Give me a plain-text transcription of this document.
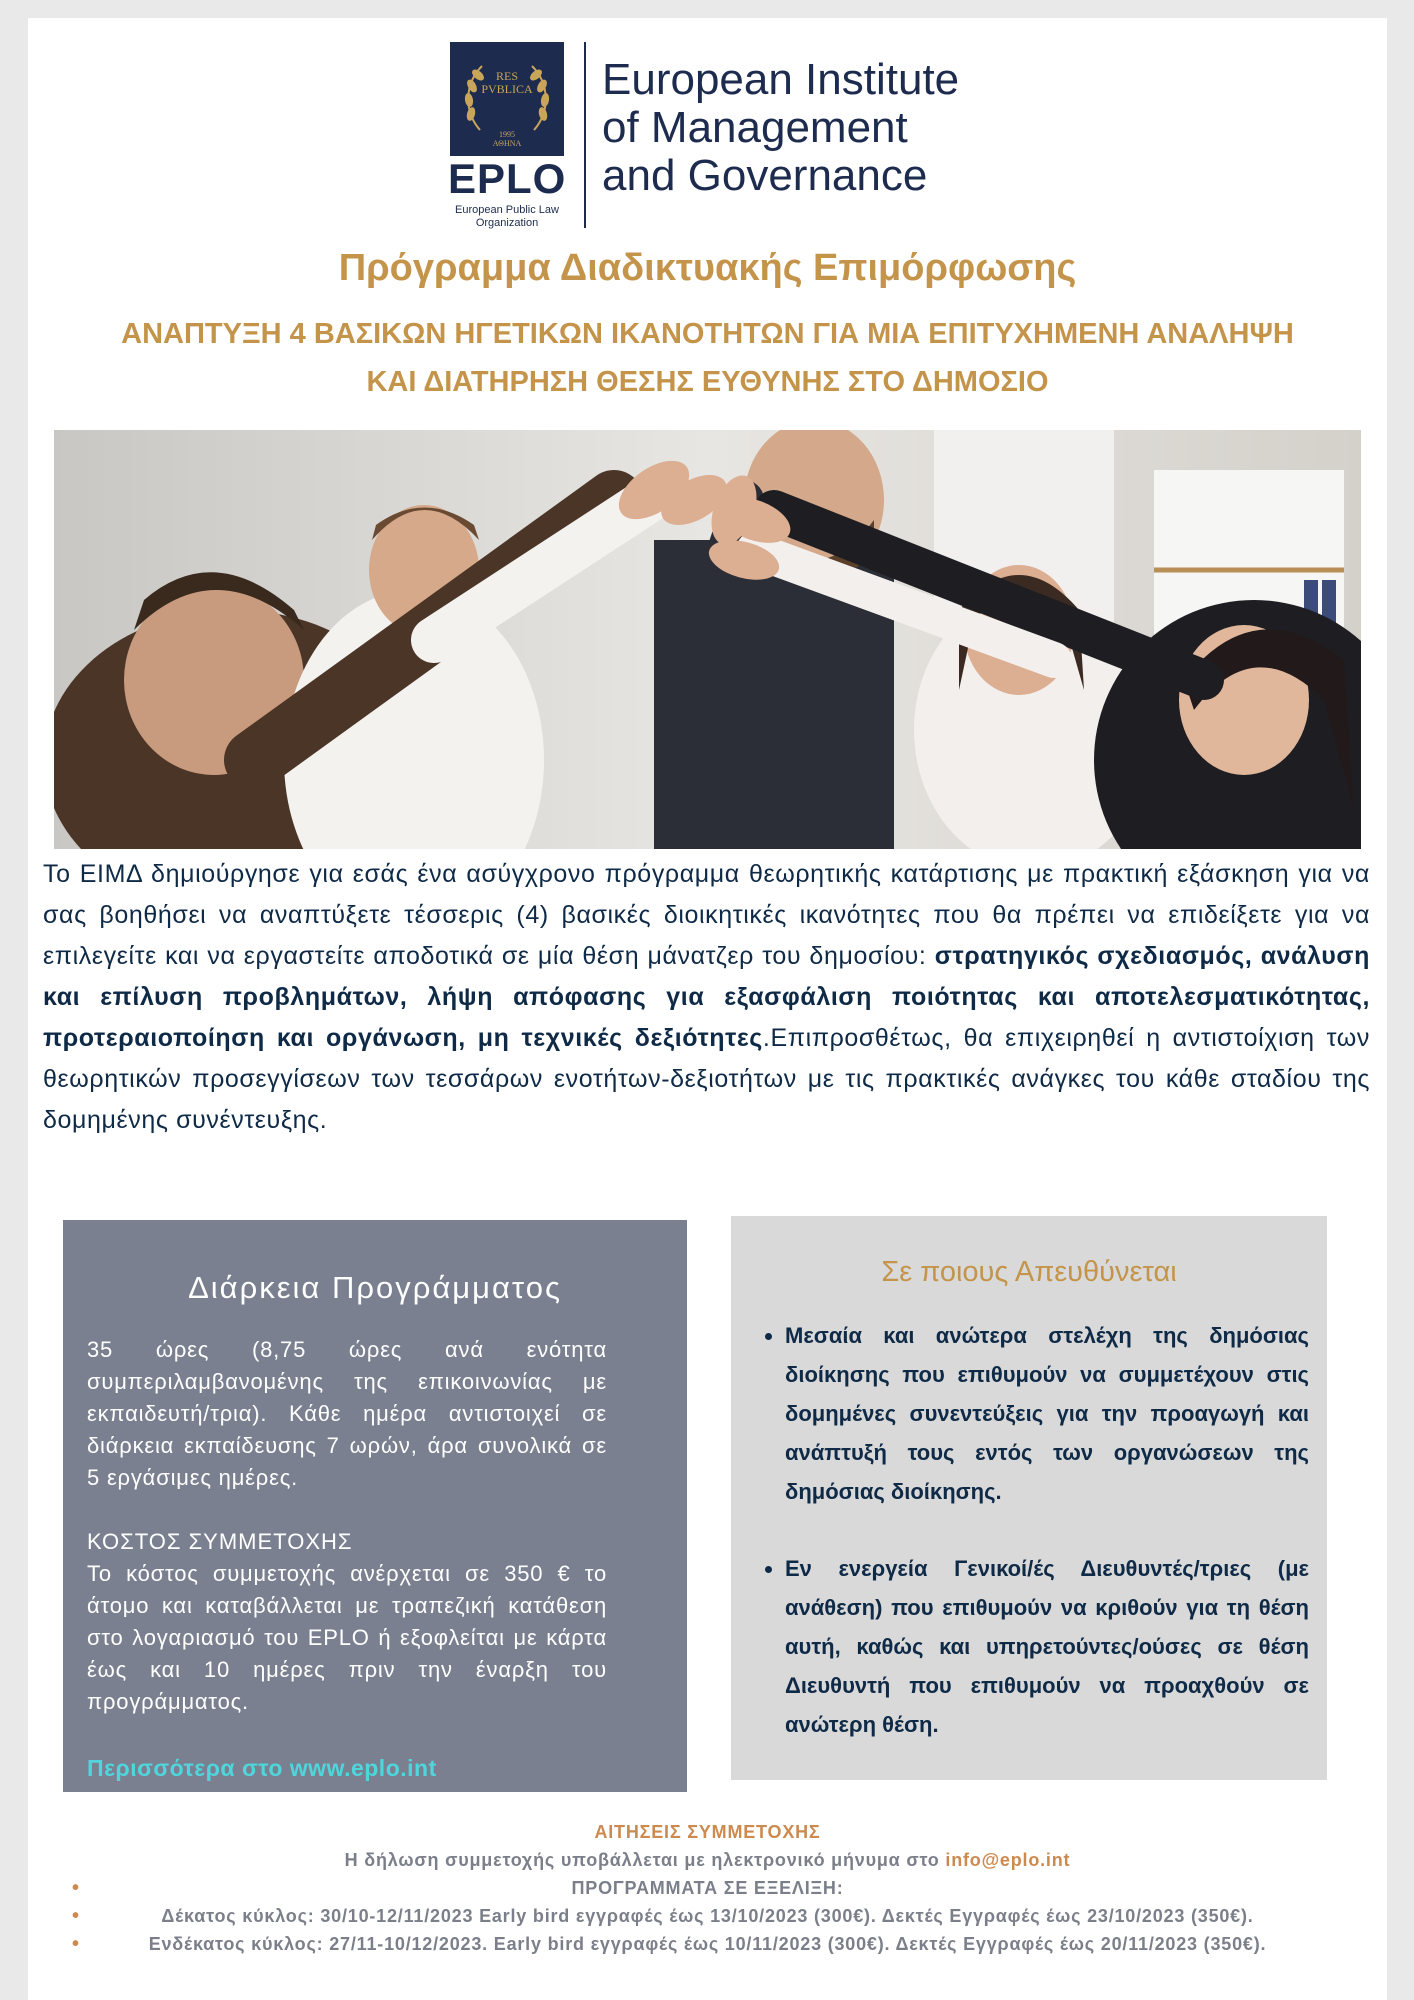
RES
PVBLICA
1995
ΑΘΗΝΑ
EPLO
European Public Law Organization
European Institute
of Management
and Governance
Πρόγραμμα Διαδικτυακής Επιμόρφωσης
ΑΝΑΠΤΥΞΗ 4 ΒΑΣΙΚΩΝ ΗΓΕΤΙΚΩΝ ΙΚΑΝΟΤΗΤΩΝ ΓΙΑ ΜΙΑ ΕΠΙΤΥΧΗΜΕΝΗ ΑΝΑΛΗΨΗ ΚΑΙ ΔΙΑΤΗΡΗΣΗ ΘΕΣΗΣ ΕΥΘΥΝΗΣ ΣΤΟ ΔΗΜΟΣΙΟ
Το ΕΙΜΔ δημιούργησε για εσάς ένα ασύγχρονο πρόγραμμα θεωρητικής κατάρτισης με πρακτική εξάσκηση για να σας βοηθήσει να αναπτύξετε τέσσερις (4) βασικές διοικητικές ικανότητες που θα πρέπει να επιδείξετε για να επιλεγείτε και να εργαστείτε αποδοτικά σε μία θέση μάνατζερ του δημοσίου: στρατηγικός σχεδιασμός, ανάλυση και επίλυση προβλημάτων, λήψη απόφασης για εξασφάλιση ποιότητας και αποτελεσματικότητας, προτεραιοποίηση και οργάνωση, μη τεχνικές δεξιότητες.Επιπροσθέτως, θα επιχειρηθεί η αντιστοίχιση των θεωρητικών προσεγγίσεων των τεσσάρων ενοτήτων-δεξιοτήτων με τις πρακτικές ανάγκες του κάθε σταδίου της δομημένης συνέντευξης.
Διάρκεια Προγράμματος
35 ώρες (8,75 ώρες ανά ενότητα συμπεριλαμβανομένης της επικοινωνίας με εκπαιδευτή/τρια). Κάθε ημέρα αντιστοιχεί σε διάρκεια εκπαίδευσης 7 ωρών, άρα συνολικά σε 5 εργάσιμες ημέρες.
ΚΟΣΤΟΣ ΣΥΜΜΕΤΟΧΗΣ
Το κόστος συμμετοχής ανέρχεται σε 350 € το άτομο και καταβάλλεται με τραπεζική κατάθεση στο λογαριασμό του EPLO ή εξοφλείται με κάρτα έως και 10 ημέρες πριν την έναρξη του προγράμματος.
Περισσότερα στο www.eplo.int
Σε ποιους Απευθύνεται
• Μεσαία και ανώτερα στελέχη της δημόσιας διοίκησης που επιθυμούν να συμμετέχουν στις δομημένες συνεντεύξεις για την προαγωγή και ανάπτυξή τους εντός των οργανώσεων της δημόσιας διοίκησης.
• Εν ενεργεία Γενικοί/ές Διευθυντές/τριες (με ανάθεση) που επιθυμούν να κριθούν για τη θέση αυτή, καθώς και υπηρετούντες/ούσες σε θέση Διευθυντή που επιθυμούν να προαχθούν σε ανώτερη θέση.
ΑΙΤΗΣΕΙΣ ΣΥΜΜΕΤΟΧΗΣ
Η δήλωση συμμετοχής υποβάλλεται με ηλεκτρονικό μήνυμα στο info@eplo.int
• ΠΡΟΓΡΑΜΜΑΤΑ ΣΕ ΕΞΕΛΙΞΗ:
• Δέκατος κύκλος: 30/10-12/11/2023 Early bird εγγραφές έως 13/10/2023 (300€). Δεκτές Εγγραφές έως 23/10/2023 (350€).
• Ενδέκατος κύκλος: 27/11-10/12/2023. Early bird εγγραφές έως 10/11/2023 (300€). Δεκτές Εγγραφές έως 20/11/2023 (350€).
